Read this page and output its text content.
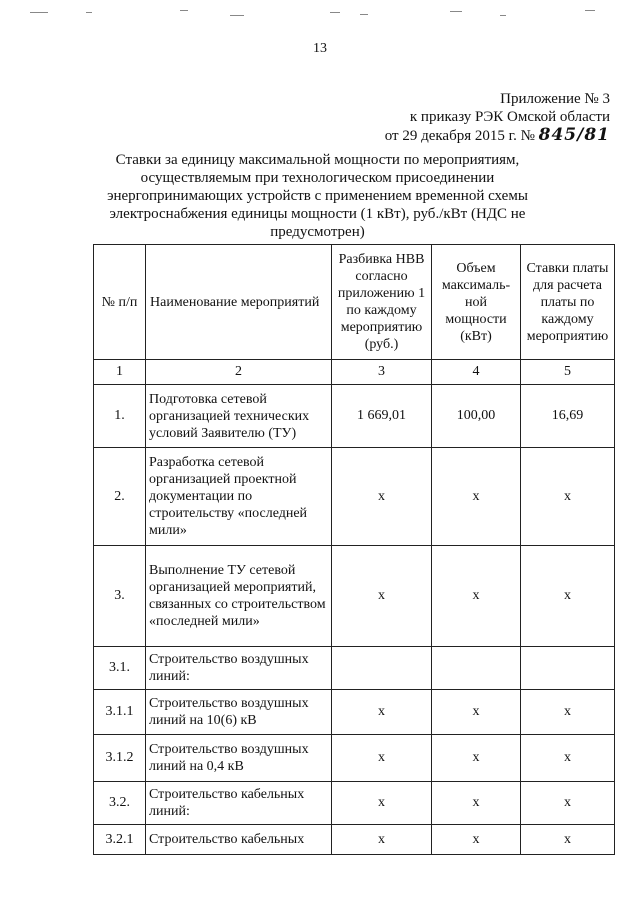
13
Приложение № 3
к приказу РЭК Омской области
от 29 декабря 2015 г. № 845/81
Ставки за единицу максимальной мощности по мероприятиям, осуществляемым при технологическом присоединении энергопринимающих устройств с применением временной схемы электроснабжения единицы мощности (1 кВт), руб./кВт (НДС не предусмотрен)
№ п/п	Наименование мероприятий	Разбивка НВВ согласно приложению 1 по каждому мероприятию (руб.)	Объем максималь-ной мощности (кВт)	Ставки платы для расчета платы по каждому мероприятию
1	2	3	4	5
1.	Подготовка сетевой организацией технических условий Заявителю (ТУ)	1 669,01	100,00	16,69
2.	Разработка сетевой организацией проектной документации по строительству «последней мили»	х	х	х
3.	Выполнение ТУ сетевой организацией мероприятий, связанных со строительством «последней мили»	х	х	х
3.1.	Строительство воздушных линий:			
3.1.1	Строительство воздушных линий на 10(6) кВ	х	х	х
3.1.2	Строительство воздушных линий на 0,4 кВ	х	х	х
3.2.	Строительство кабельных линий:	х	х	х
3.2.1	Строительство кабельных	х	х	х
